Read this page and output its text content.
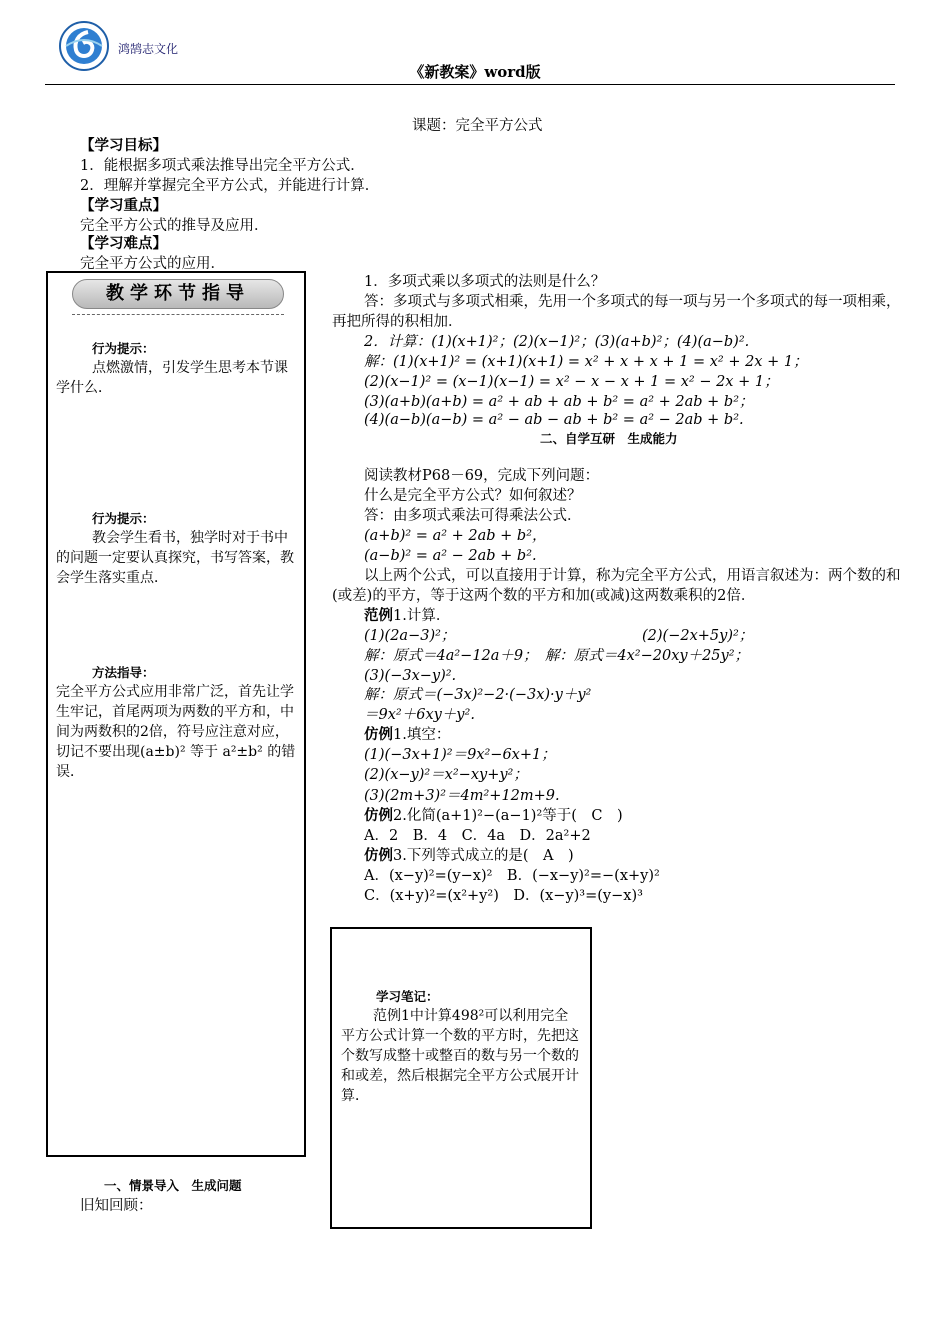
鸿鹄志文化
《新教案》word版
课题：完全平方公式
【学习目标】
1．能根据多项式乘法推导出完全平方公式．
2．理解并掌握完全平方公式，并能进行计算．
【学习重点】
完全平方公式的推导及应用．
【学习难点】
完全平方公式的应用．
教学环节指导
行为提示：
点燃激情，引发学生思考本节课学什么．
行为提示：
教会学生看书，独学时对于书中的问题一定要认真探究，书写答案，教会学生落实重点．
方法指导：
完全平方公式应用非常广泛，首先让学生牢记，首尾两项为两数的平方和，中间为两数积的2倍，符号应注意对应，切记不要出现(a±b)² 等于 a²±b² 的错误．
一、情景导入　生成问题
旧知回顾：
1．多项式乘以多项式的法则是什么？
答：多项式与多项式相乘，先用一个多项式的每一项与另一个多项式的每一项相乘，再把所得的积相加．
2．计算：(1)(x+1)²；(2)(x−1)²；(3)(a+b)²；(4)(a−b)².
解：(1)(x+1)² = (x+1)(x+1) = x² + x + x + 1 = x² + 2x + 1；
(2)(x−1)² = (x−1)(x−1) = x² − x − x + 1 = x² − 2x + 1；
(3)(a+b)(a+b) = a² + ab + ab + b² = a² + 2ab + b²；
(4)(a−b)(a−b) = a² − ab − ab + b² = a² − 2ab + b².
二、自学互研　生成能力
阅读教材P68－69，完成下列问题：
什么是完全平方公式？如何叙述？
答：由多项式乘法可得乘法公式．
(a+b)² = a² + 2ab + b²，
(a−b)² = a² − 2ab + b².
以上两个公式，可以直接用于计算，称为完全平方公式，用语言叙述为：两个数的和(或差)的平方，等于这两个数的平方和加(或减)这两数乘积的2倍．
范例1.计算．
(1)(2a−3)²；	(2)(−2x+5y)²；
解：原式＝4a²−12a＋9；　解：原式＝4x²−20xy＋25y²；
(3)(−3x−y)².
解：原式＝(−3x)²−2·(−3x)·y＋y²
＝9x²＋6xy＋y².
仿例1.填空：
(1)(−3x+1)²＝9x²−6x+1；
(2)(x−y)²＝x²−xy+y²；
(3)(2m+3)²＝4m²+12m+9.
仿例2.化简(a+1)²−(a−1)²等于(　C　)
A．2　B．4　C．4a　D．2a²+2
仿例3.下列等式成立的是(　A　)
A．(x−y)²=(y−x)²　B．(−x−y)²=−(x+y)²
C．(x+y)²=(x²+y²)　D．(x−y)³=(y−x)³
学习笔记：
范例1中计算498²可以利用完全平方公式计算一个数的平方时，先把这个数写成整十或整百的数与另一个数的和或差，然后根据完全平方公式展开计算．
